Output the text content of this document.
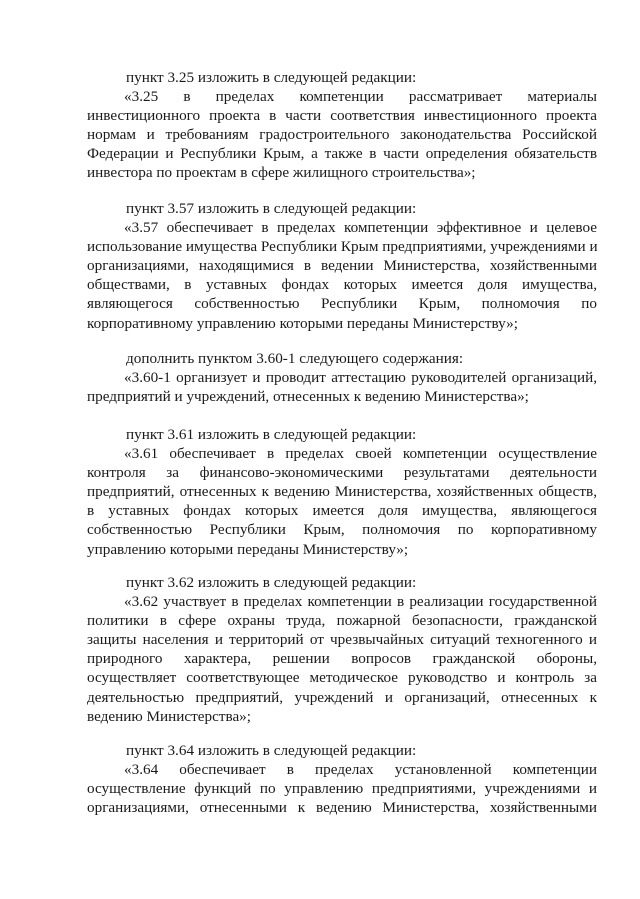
пункт 3.25 изложить в следующей редакции:
«3.25 в пределах компетенции рассматривает материалы
инвестиционного проекта в части соответствия инвестиционного проекта
нормам и требованиям градостроительного законодательства Российской
Федерации и Республики Крым, а также в части определения обязательств
инвестора по проектам в сфере жилищного строительства»;
пункт 3.57 изложить в следующей редакции:
«3.57 обеспечивает в пределах компетенции эффективное и целевое
использование имущества Республики Крым предприятиями, учреждениями и
организациями, находящимися в ведении Министерства, хозяйственными
обществами, в уставных фондах которых имеется доля имущества,
являющегося собственностью Республики Крым, полномочия по
корпоративному управлению которыми переданы Министерству»;
дополнить пунктом 3.60-1 следующего содержания:
«3.60-1 организует и проводит аттестацию руководителей организаций,
предприятий и учреждений, отнесенных к ведению Министерства»;
пункт 3.61 изложить в следующей редакции:
«3.61 обеспечивает в пределах своей компетенции осуществление
контроля за финансово-экономическими результатами деятельности
предприятий, отнесенных к ведению Министерства, хозяйственных обществ,
в уставных фондах которых имеется доля имущества, являющегося
собственностью Республики Крым, полномочия по корпоративному
управлению которыми переданы Министерству»;
пункт 3.62 изложить в следующей редакции:
«3.62 участвует в пределах компетенции в реализации государственной
политики в сфере охраны труда, пожарной безопасности, гражданской
защиты населения и территорий от чрезвычайных ситуаций техногенного и
природного характера, решении вопросов гражданской обороны,
осуществляет соответствующее методическое руководство и контроль за
деятельностью предприятий, учреждений и организаций, отнесенных к
ведению Министерства»;
пункт 3.64 изложить в следующей редакции:
«3.64 обеспечивает в пределах установленной компетенции
осуществление функций по управлению предприятиями, учреждениями и
организациями, отнесенными к ведению Министерства, хозяйственными
